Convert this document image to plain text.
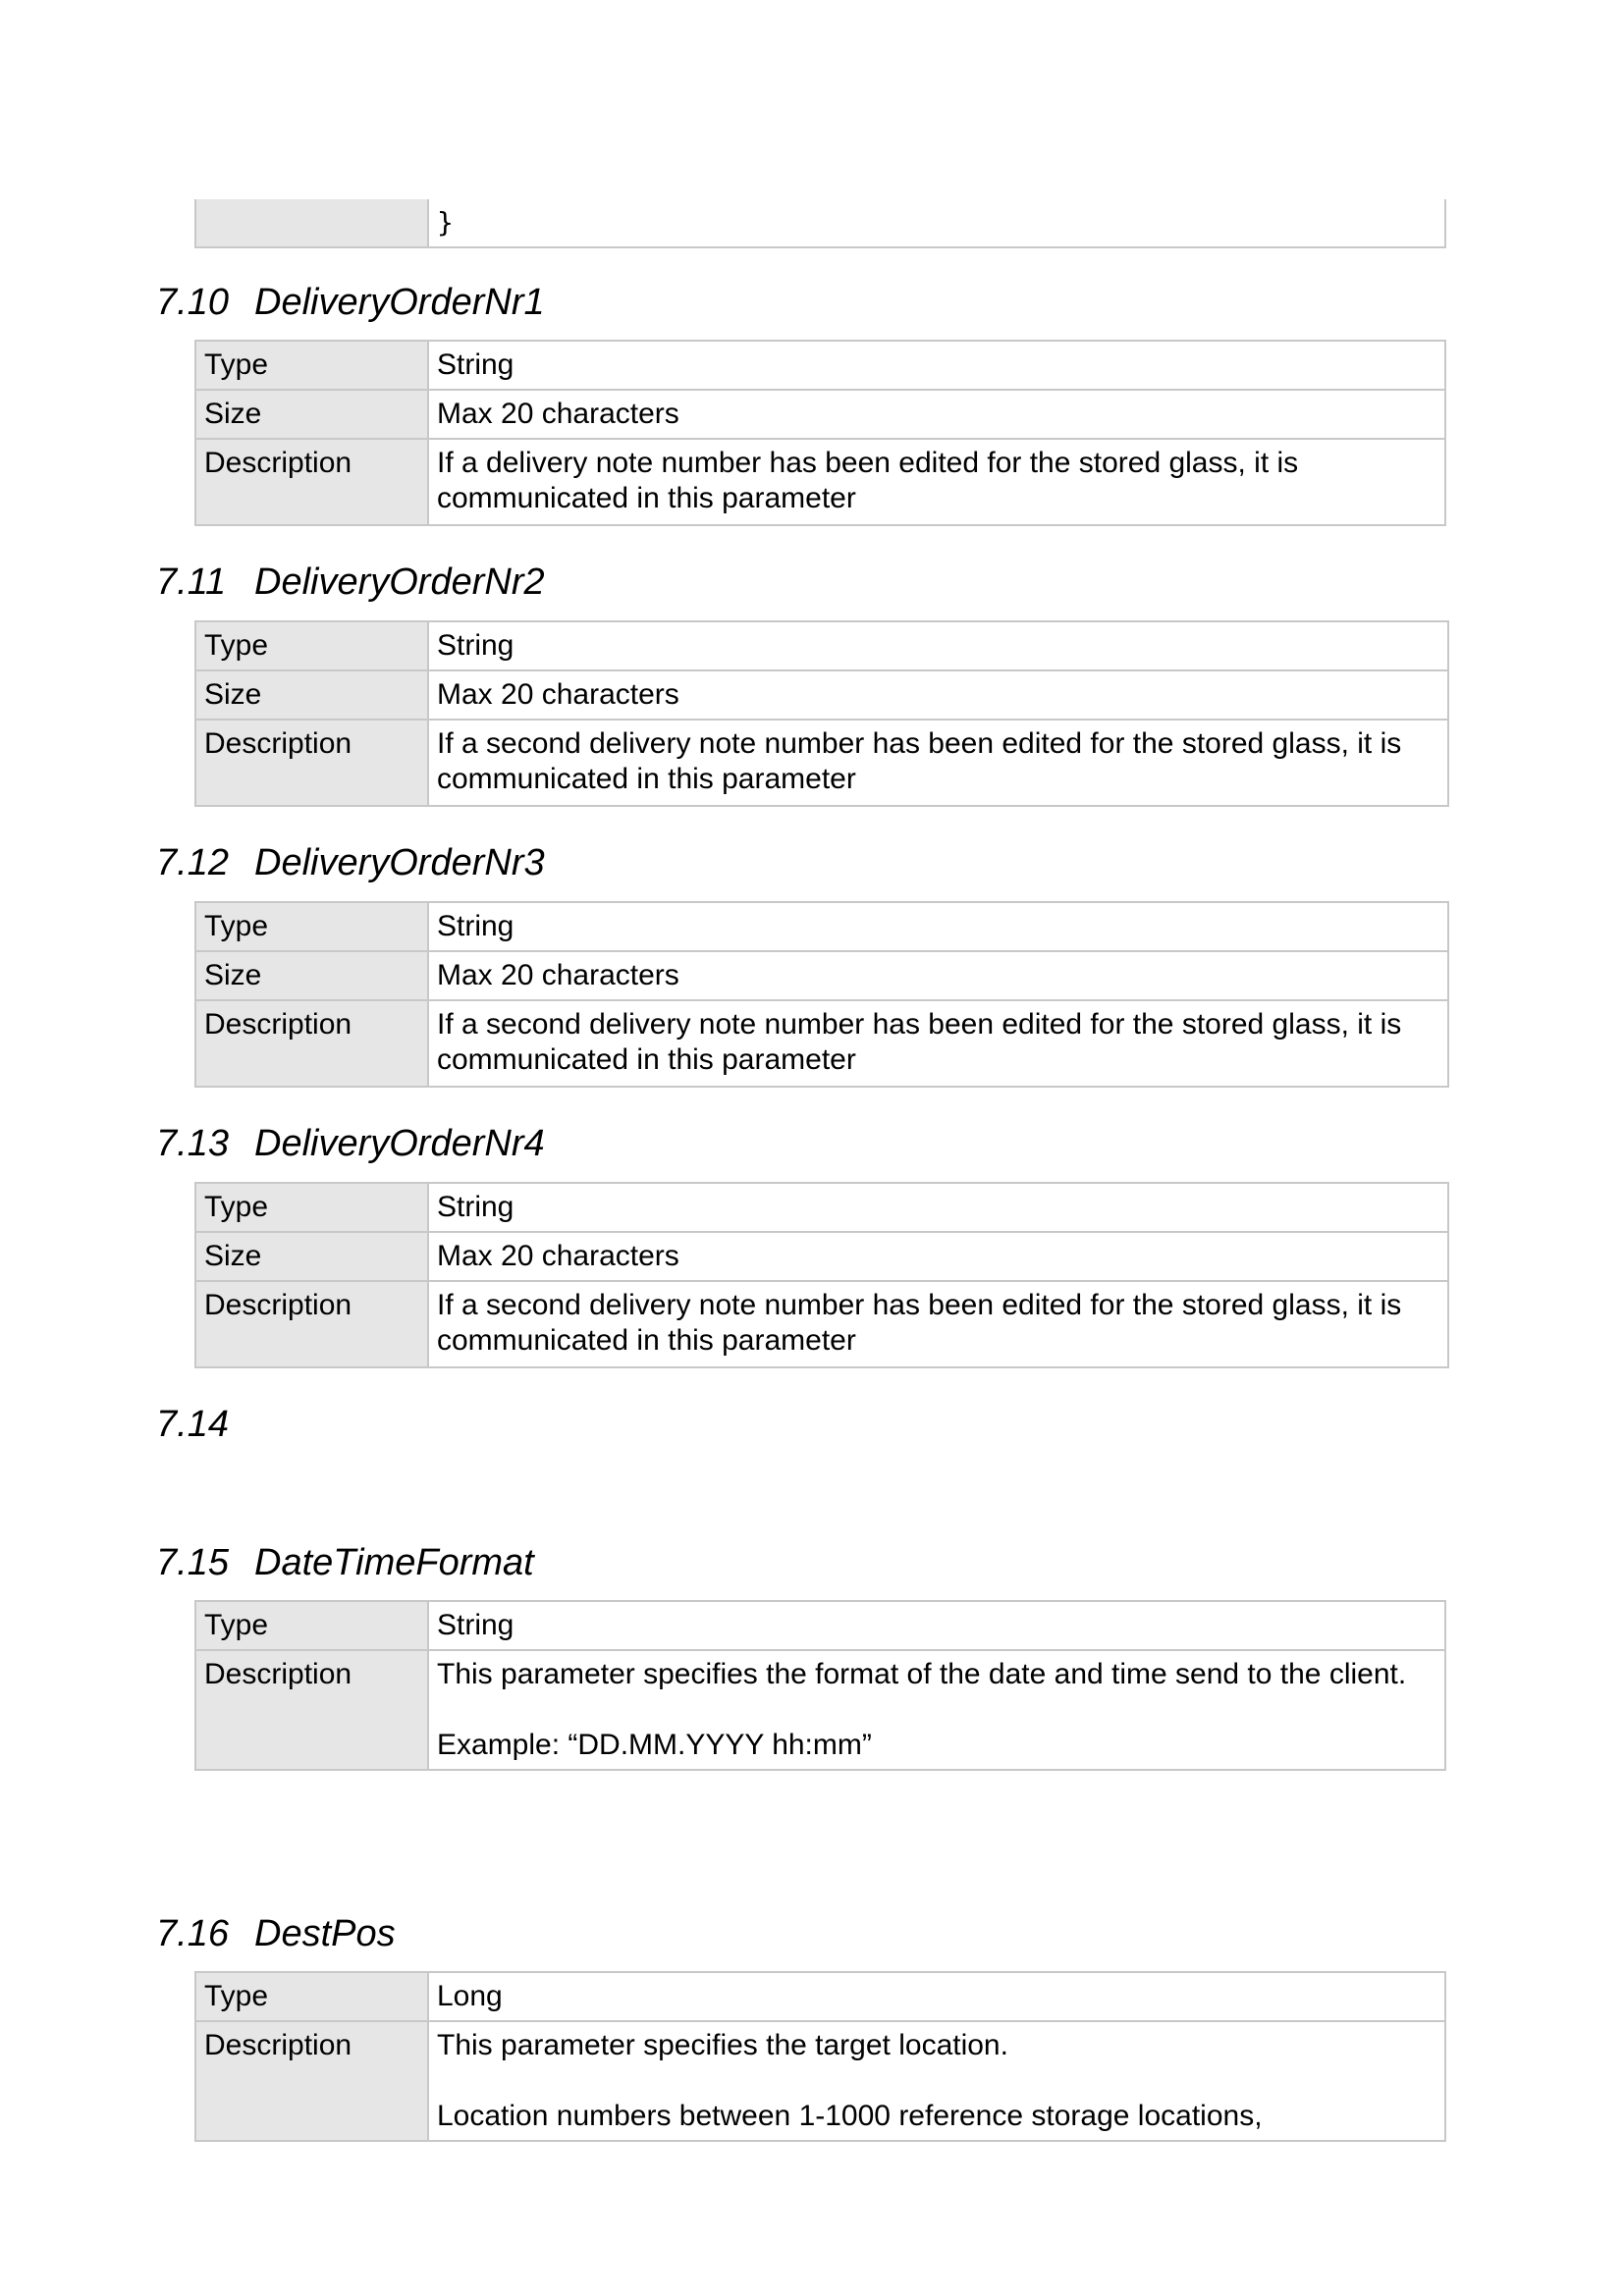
	}
7.10 DeliveryOrderNr1
Type	String
Size	Max 20 characters
Description	If a delivery note number has been edited for the stored glass, it is
communicated in this parameter
7.11 DeliveryOrderNr2
Type	String
Size	Max 20 characters
Description	If a second delivery note number has been edited for the stored glass, it is
communicated in this parameter
7.12 DeliveryOrderNr3
Type	String
Size	Max 20 characters
Description	If a second delivery note number has been edited for the stored glass, it is
communicated in this parameter
7.13 DeliveryOrderNr4
Type	String
Size	Max 20 characters
Description	If a second delivery note number has been edited for the stored glass, it is
communicated in this parameter
7.14
7.15 DateTimeFormat
Type	String
Description	This parameter specifies the format of the date and time send to the client.
Example: “DD.MM.YYYY hh:mm”
7.16 DestPos
Type	Long
Description	This parameter specifies the target location.
Location numbers between 1-1000 reference storage locations,
